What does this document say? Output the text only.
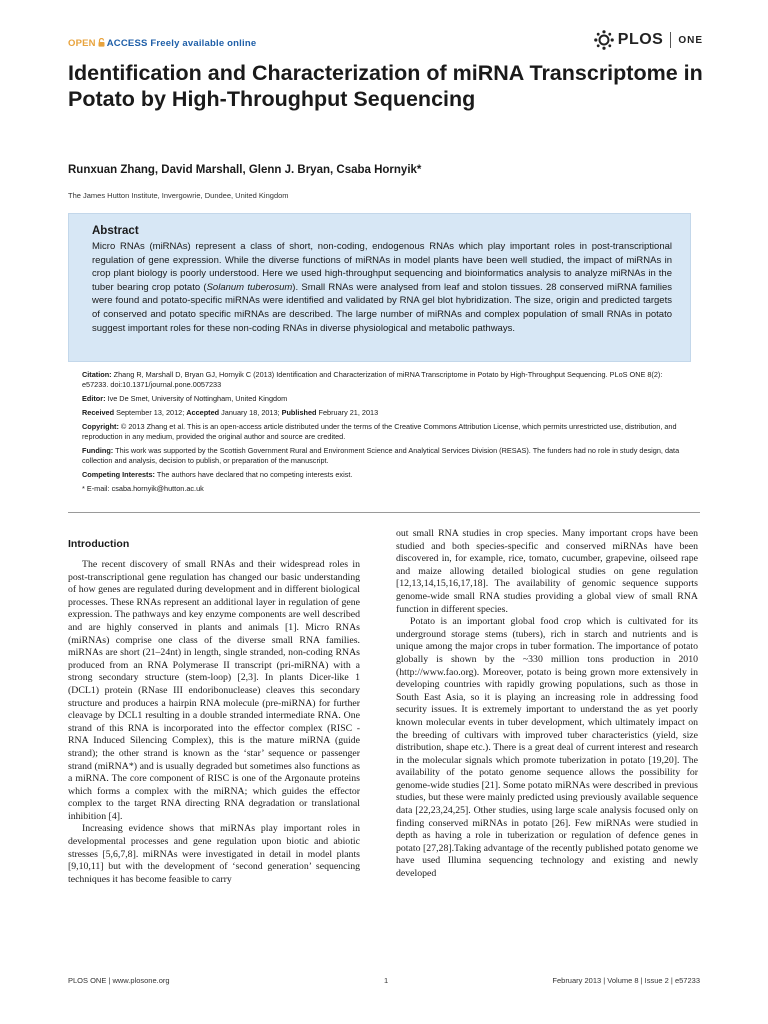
OPEN ACCESS Freely available online	PLOS ONE
Identification and Characterization of miRNA Transcriptome in Potato by High-Throughput Sequencing
Runxuan Zhang, David Marshall, Glenn J. Bryan, Csaba Hornyik*
The James Hutton Institute, Invergowrie, Dundee, United Kingdom
Abstract
Micro RNAs (miRNAs) represent a class of short, non-coding, endogenous RNAs which play important roles in post-transcriptional regulation of gene expression. While the diverse functions of miRNAs in model plants have been well studied, the impact of miRNAs in crop plant biology is poorly understood. Here we used high-throughput sequencing and bioinformatics analysis to analyze miRNAs in the tuber bearing crop potato (Solanum tuberosum). Small RNAs were analysed from leaf and stolon tissues. 28 conserved miRNA families were found and potato-specific miRNAs were identified and validated by RNA gel blot hybridization. The size, origin and predicted targets of conserved and potato specific miRNAs are described. The large number of miRNAs and complex population of small RNAs in potato suggest important roles for these non-coding RNAs in diverse physiological and metabolic pathways.

Citation: Zhang R, Marshall D, Bryan GJ, Hornyik C (2013) Identification and Characterization of miRNA Transcriptome in Potato by High-Throughput Sequencing. PLoS ONE 8(2): e57233. doi:10.1371/journal.pone.0057233

Editor: Ive De Smet, University of Nottingham, United Kingdom

Received September 13, 2012; Accepted January 18, 2013; Published February 21, 2013

Copyright: © 2013 Zhang et al. This is an open-access article distributed under the terms of the Creative Commons Attribution License, which permits unrestricted use, distribution, and reproduction in any medium, provided the original author and source are credited.

Funding: This work was supported by the Scottish Government Rural and Environment Science and Analytical Services Division (RESAS). The funders had no role in study design, data collection and analysis, decision to publish, or preparation of the manuscript.

Competing Interests: The authors have declared that no competing interests exist.

* E-mail: csaba.hornyik@hutton.ac.uk

Introduction

The recent discovery of small RNAs and their widespread roles in post-transcriptional gene regulation has changed our basic understanding of how genes are regulated during development and in different biological processes. These RNAs represent an additional layer in regulation of gene expression. The pathways and key enzyme components are well described and are highly conserved in plants and animals [1]. Micro RNAs (miRNAs) comprise one class of the diverse small RNA families. miRNAs are short (21–24nt) in length, single stranded, non-coding RNAs produced from an RNA Polymerase II transcript (pri-miRNA) with a strong secondary structure (stem-loop) [2,3]. In plants Dicer-like 1 (DCL1) protein (RNase III endoribonuclease) cleaves this secondary structure and produces a hairpin RNA molecule (pre-miRNA) for further cleavage by DCL1 resulting in a double stranded intermediate RNA. One strand of this RNA is incorporated into the effector complex (RISC - RNA Induced Silencing Complex), this is the mature miRNA (guide strand); the other strand is known as the ‘star’ sequence or passenger strand (miRNA*) and is usually degraded but sometimes also functions as a miRNA. The core component of RISC is one of the Argonaute proteins which forms a complex with the miRNA; which guides the effector complex to the target RNA directing RNA degradation or translational inhibition [4].

Increasing evidence shows that miRNAs play important roles in developmental processes and gene regulation upon biotic and abiotic stresses [5,6,7,8]. miRNAs were investigated in detail in model plants [9,10,11] but with the development of ‘second generation’ sequencing techniques it has become feasible to carry

out small RNA studies in crop species. Many important crops have been studied and both species-specific and conserved miRNAs have been discovered in, for example, rice, tomato, cucumber, grapevine, oilseed rape and maize allowing detailed biological studies on gene regulation [12,13,14,15,16,17,18]. The availability of genomic sequence supports genome-wide small RNA studies providing a global view of small RNA function in different species.

Potato is an important global food crop which is cultivated for its underground storage stems (tubers), rich in starch and nutrients and is unique among the major crops in tuber formation. The importance of potato globally is shown by the ~330 million tons production in 2010 (http://www.fao.org). Moreover, potato is being grown more extensively in developing countries with rapidly growing populations, such as those in South East Asia, so it is playing an increasing role in addressing food security issues. It is extremely important to understand the as yet poorly known molecular events in tuber development, which ultimately impact on the breeding of cultivars with improved tuber characteristics (yield, size distribution, shape etc.). There is a great deal of current interest and research in the molecular signals which promote tuberization in potato [19,20]. The availability of the potato genome sequence allows the possibility for genome-wide studies [21]. Some potato miRNAs were described in previous studies, but these were mainly predicted using previously available sequence data [22,23,24,25]. Other studies, using large scale analysis focused only on finding conserved miRNAs in potato [26]. Few miRNAs were studied in depth as having a role in tuberization or regulation of defence genes in potato [27,28].Taking advantage of the recently published potato genome we have used Illumina sequencing technology and existing and newly developed

PLOS ONE | www.plosone.org	1	February 2013 | Volume 8 | Issue 2 | e57233
